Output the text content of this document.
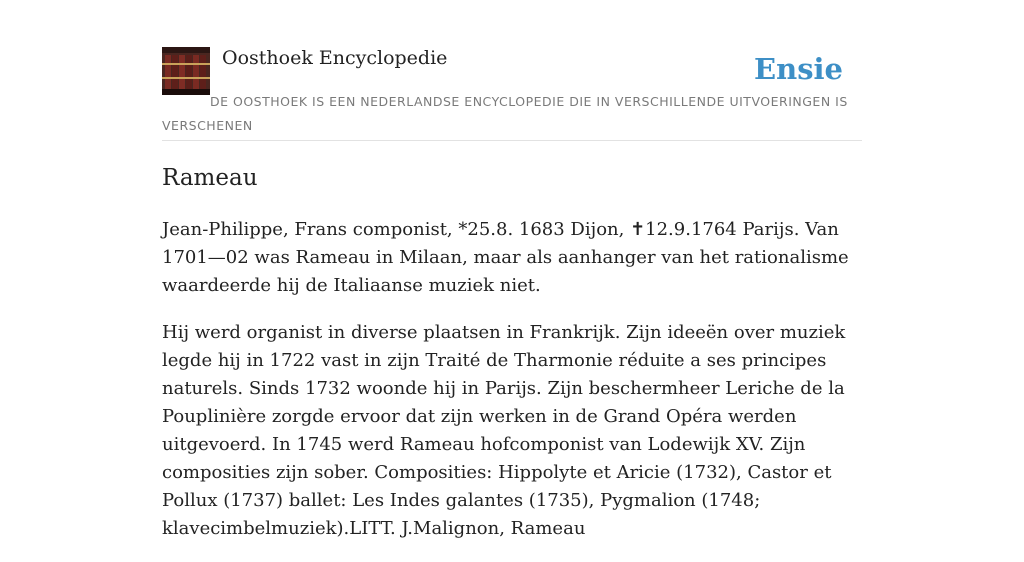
Oosthoek Encyclopedie	Ensie
DE OOSTHOEK IS EEN NEDERLANDSE ENCYCLOPEDIE DIE IN VERSCHILLENDE UITVOERINGEN IS VERSCHENEN
Rameau

Jean-Philippe, Frans componist, *25.8. 1683 Dijon, ✝12.9.1764 Parijs. Van 1701—02 was Rameau in Milaan, maar als aanhanger van het rationalisme waardeerde hij de Italiaanse muziek niet.

Hij werd organist in diverse plaatsen in Frankrijk. Zijn ideeën over muziek legde hij in 1722 vast in zijn Traité de Tharmonie réduite a ses principes naturels. Sinds 1732 woonde hij in Parijs. Zijn beschermheer Leriche de la Pouplinière zorgde ervoor dat zijn werken in de Grand Opéra werden uitgevoerd. In 1745 werd Rameau hofcomponist van Lodewijk XV. Zijn composities zijn sober. Composities: Hippolyte et Aricie (1732), Castor et Pollux (1737) ballet: Les Indes galantes (1735), Pygmalion (1748; klavecimbelmuziek).LITT. J.Malignon, Rameau
